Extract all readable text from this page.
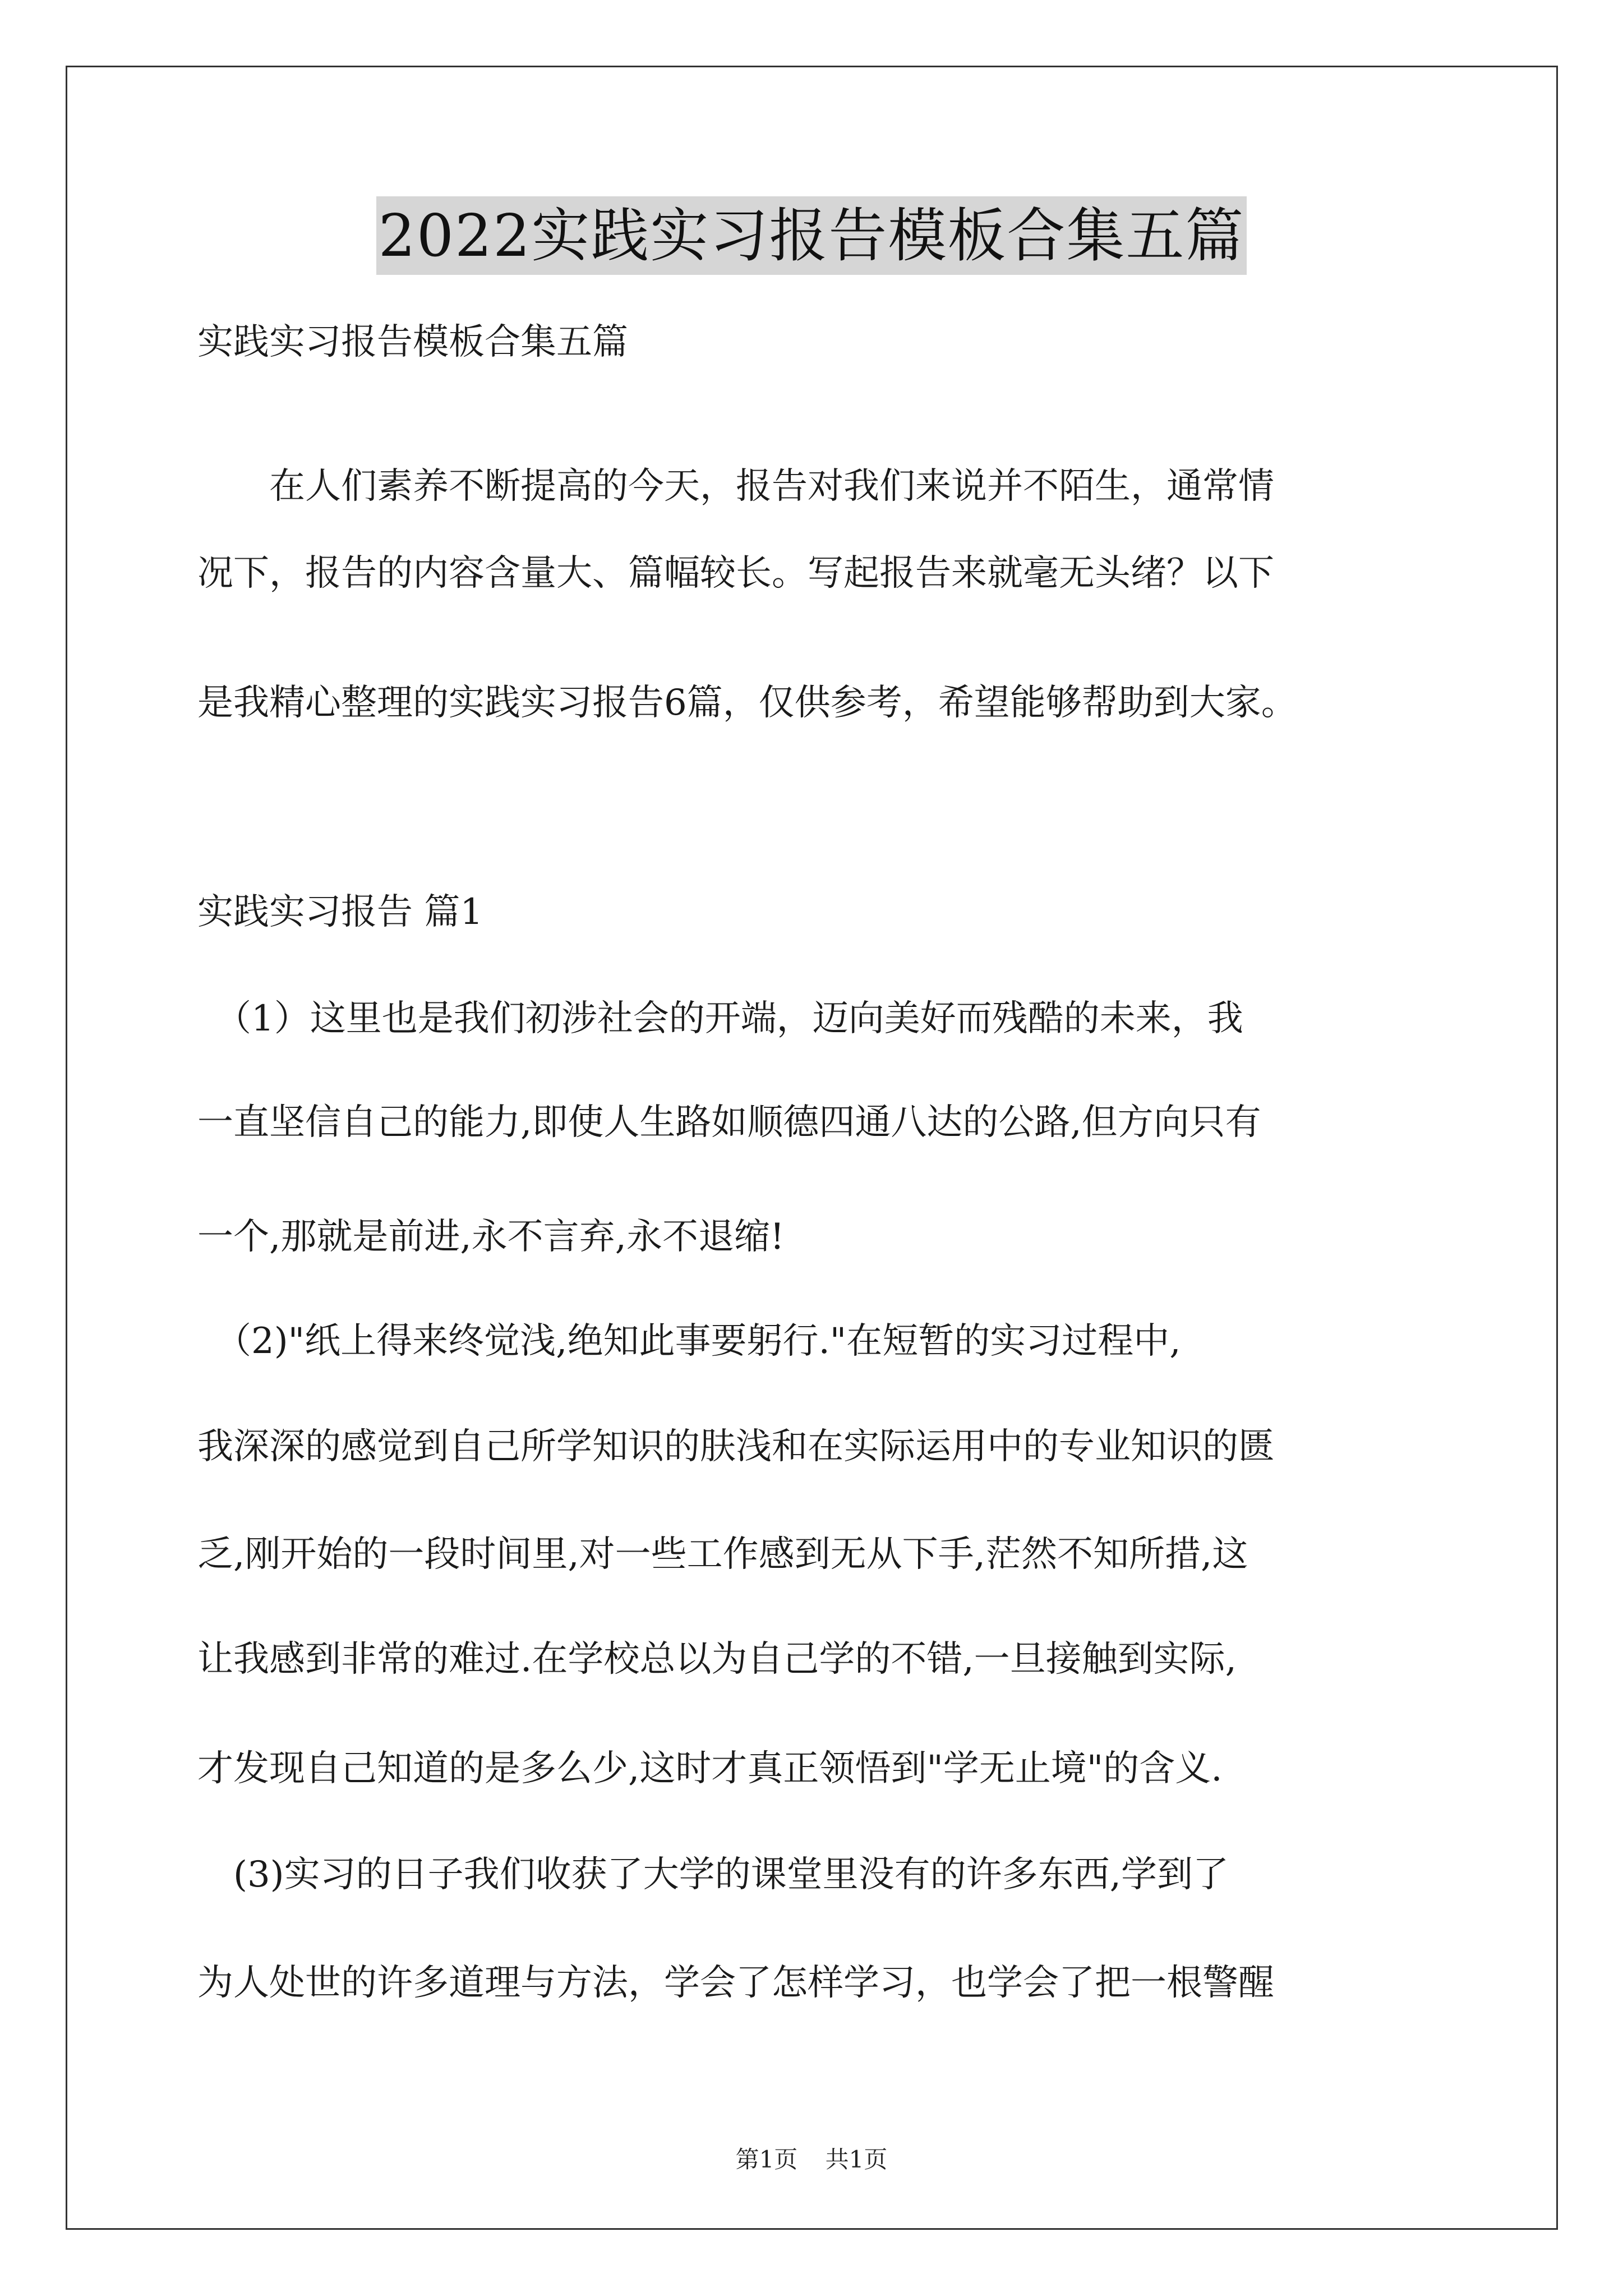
2022实践实习报告模板合集五篇
实践实习报告模板合集五篇
　　在人们素养不断提高的今天，报告对我们来说并不陌生，通常情
况下，报告的内容含量大、篇幅较长。写起报告来就毫无头绪？以下
是我精心整理的实践实习报告6篇，仅供参考，希望能够帮助到大家。
实践实习报告 篇1
　（1）这里也是我们初涉社会的开端，迈向美好而残酷的未来，我
一直坚信自己的能力,即使人生路如顺德四通八达的公路,但方向只有
一个,那就是前进,永不言弃,永不退缩!
　（2)"纸上得来终觉浅,绝知此事要躬行."在短暂的实习过程中,
我深深的感觉到自己所学知识的肤浅和在实际运用中的专业知识的匮
乏,刚开始的一段时间里,对一些工作感到无从下手,茫然不知所措,这
让我感到非常的难过.在学校总以为自己学的不错,一旦接触到实际,
才发现自己知道的是多么少,这时才真正领悟到"学无止境"的含义.
　(3)实习的日子我们收获了大学的课堂里没有的许多东西,学到了
为人处世的许多道理与方法，学会了怎样学习，也学会了把一根警醒
第1页 共1页
